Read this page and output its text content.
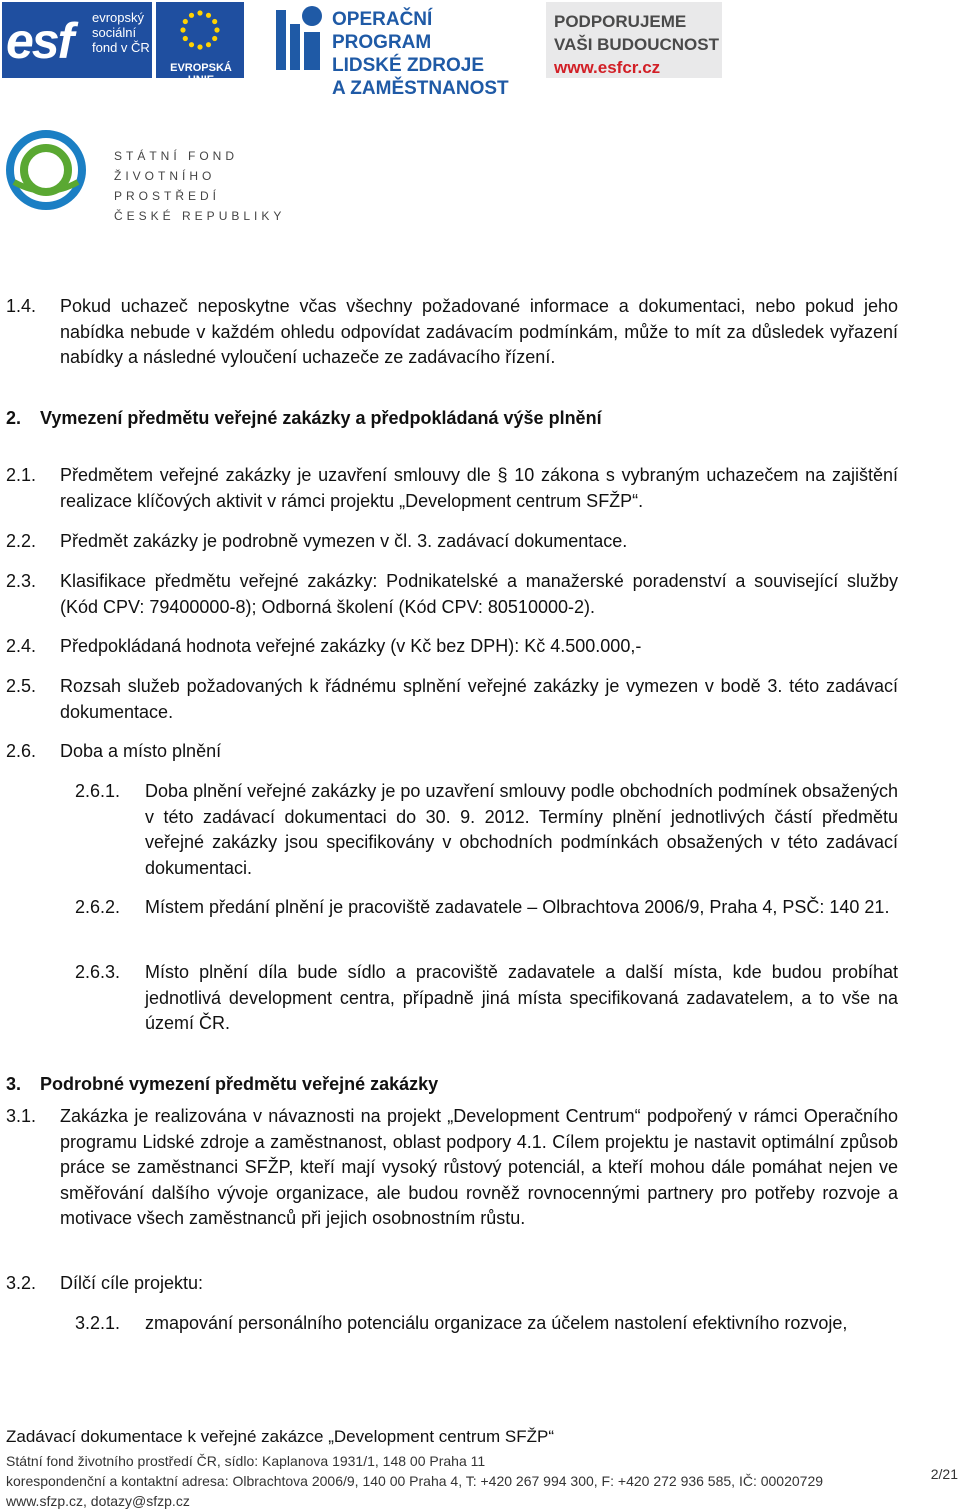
esf evropský
sociální
fond v ČR
EVROPSKÁ UNIE
OPERAČNÍ PROGRAM
LIDSKÉ ZDROJE
A ZAMĚSTNANOST
PODPORUJEME
VAŠI BUDOUCNOST
www.esfcr.cz
STÁTNÍ FOND
ŽIVOTNÍHO PROSTŘEDÍ
ČESKÉ REPUBLIKY
1.4. Pokud uchazeč neposkytne včas všechny požadované informace a dokumentaci, nebo pokud jeho nabídka nebude v každém ohledu odpovídat zadávacím podmínkám, může to mít za důsledek vyřazení nabídky a následné vyloučení uchazeče ze zadávacího řízení.
2. Vymezení předmětu veřejné zakázky a předpokládaná výše plnění
2.1. Předmětem veřejné zakázky je uzavření smlouvy dle § 10 zákona s vybraným uchazečem na zajištění realizace klíčových aktivit v rámci projektu „Development centrum SFŽP“.
2.2. Předmět zakázky je podrobně vymezen v čl. 3. zadávací dokumentace.
2.3. Klasifikace předmětu veřejné zakázky: Podnikatelské a manažerské poradenství a související služby (Kód CPV: 79400000-8); Odborná školení (Kód CPV: 80510000-2).
2.4. Předpokládaná hodnota veřejné zakázky (v Kč bez DPH): Kč 4.500.000,-
2.5. Rozsah služeb požadovaných k řádnému splnění veřejné zakázky je vymezen v bodě 3. této zadávací dokumentace.
2.6. Doba a místo plnění
2.6.1. Doba plnění veřejné zakázky je po uzavření smlouvy podle obchodních podmínek obsažených v této zadávací dokumentaci do 30. 9. 2012. Termíny plnění jednotlivých částí předmětu veřejné zakázky jsou specifikovány v obchodních podmínkách obsažených v této zadávací dokumentaci.
2.6.2. Místem předání plnění je pracoviště zadavatele – Olbrachtova 2006/9, Praha 4, PSČ: 140 21.
2.6.3. Místo plnění díla bude sídlo a pracoviště zadavatele a další místa, kde budou probíhat jednotlivá development centra, případně jiná místa specifikovaná zadavatelem, a to vše na území ČR.
3. Podrobné vymezení předmětu veřejné zakázky
3.1. Zakázka je realizována v návaznosti na projekt „Development Centrum“ podpořený v rámci Operačního programu Lidské zdroje a zaměstnanost, oblast podpory 4.1. Cílem projektu je nastavit optimální způsob práce se zaměstnanci SFŽP, kteří mají vysoký růstový potenciál, a kteří mohou dále pomáhat nejen ve směřování dalšího vývoje organizace, ale budou rovněž rovnocennými partnery pro potřeby rozvoje a motivace všech zaměstnanců při jejich osobnostním růstu.
3.2. Dílčí cíle projektu:
3.2.1. zmapování personálního potenciálu organizace za účelem nastolení efektivního rozvoje,
Zadávací dokumentace k veřejné zakázce „Development centrum SFŽP“
Státní fond životního prostředí ČR, sídlo: Kaplanova 1931/1, 148 00 Praha 11
korespondenční a kontaktní adresa: Olbrachtova 2006/9, 140 00 Praha 4, T: +420 267 994 300, F: +420 272 936 585, IČ: 00020729
www.sfzp.cz, dotazy@sfzp.cz
2/21
